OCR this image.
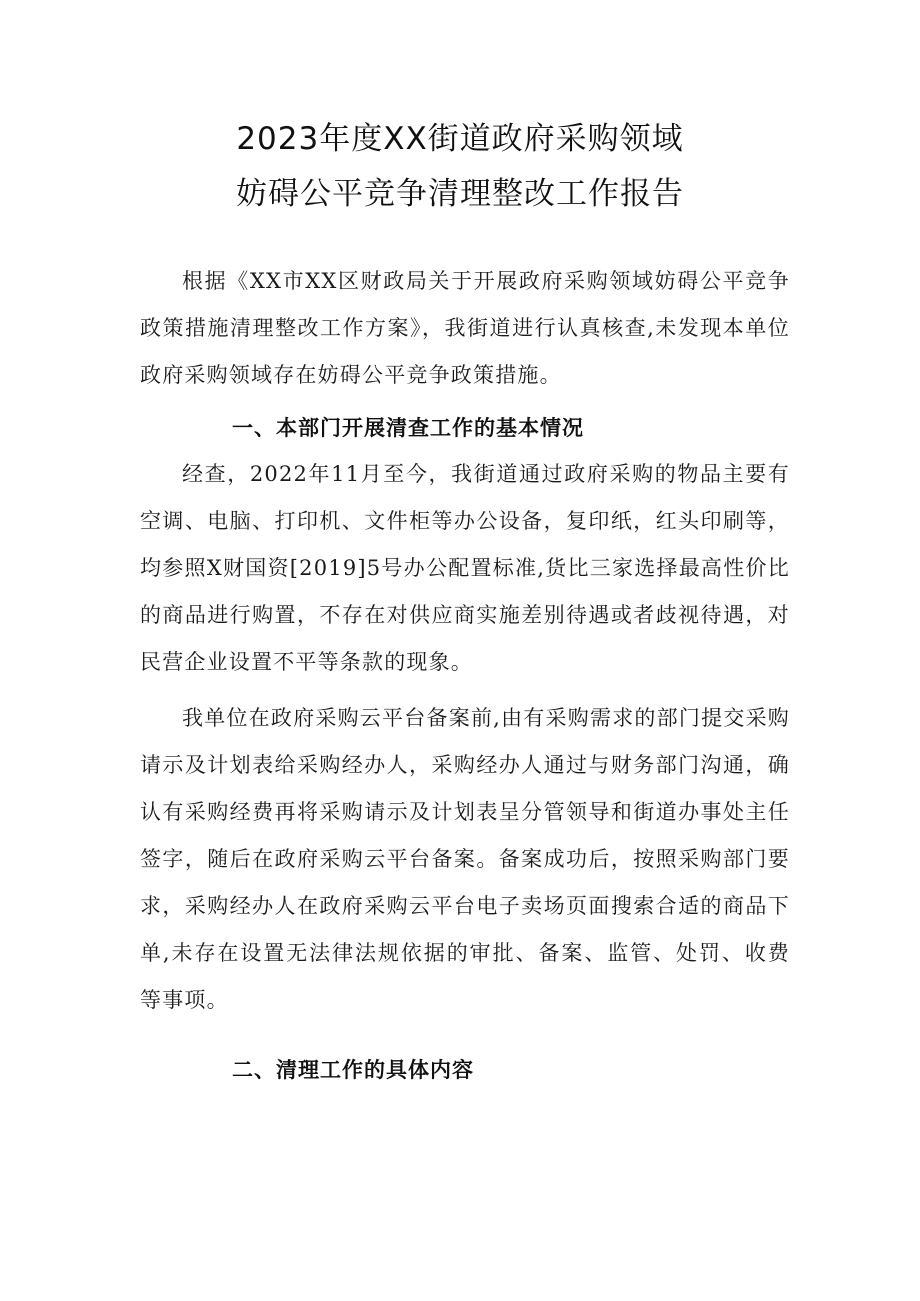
2023年度XX街道政府采购领域
妨碍公平竞争清理整改工作报告

根据《XX市XX区财政局关于开展政府采购领域妨碍公平竞争政策措施清理整改工作方案》，我街道进行认真核查,未发现本单位政府采购领域存在妨碍公平竞争政策措施。

一、本部门开展清查工作的基本情况

经查，2022年11月至今，我街道通过政府采购的物品主要有空调、电脑、打印机、文件柜等办公设备，复印纸，红头印刷等，均参照X财国资[2019]5号办公配置标准,货比三家选择最高性价比的商品进行购置，不存在对供应商实施差别待遇或者歧视待遇，对民营企业设置不平等条款的现象。

我单位在政府采购云平台备案前,由有采购需求的部门提交采购请示及计划表给采购经办人，采购经办人通过与财务部门沟通，确认有采购经费再将采购请示及计划表呈分管领导和街道办事处主任签字，随后在政府采购云平台备案。备案成功后，按照采购部门要求，采购经办人在政府采购云平台电子卖场页面搜索合适的商品下单,未存在设置无法律法规依据的审批、备案、监管、处罚、收费等事项。

二、清理工作的具体内容
